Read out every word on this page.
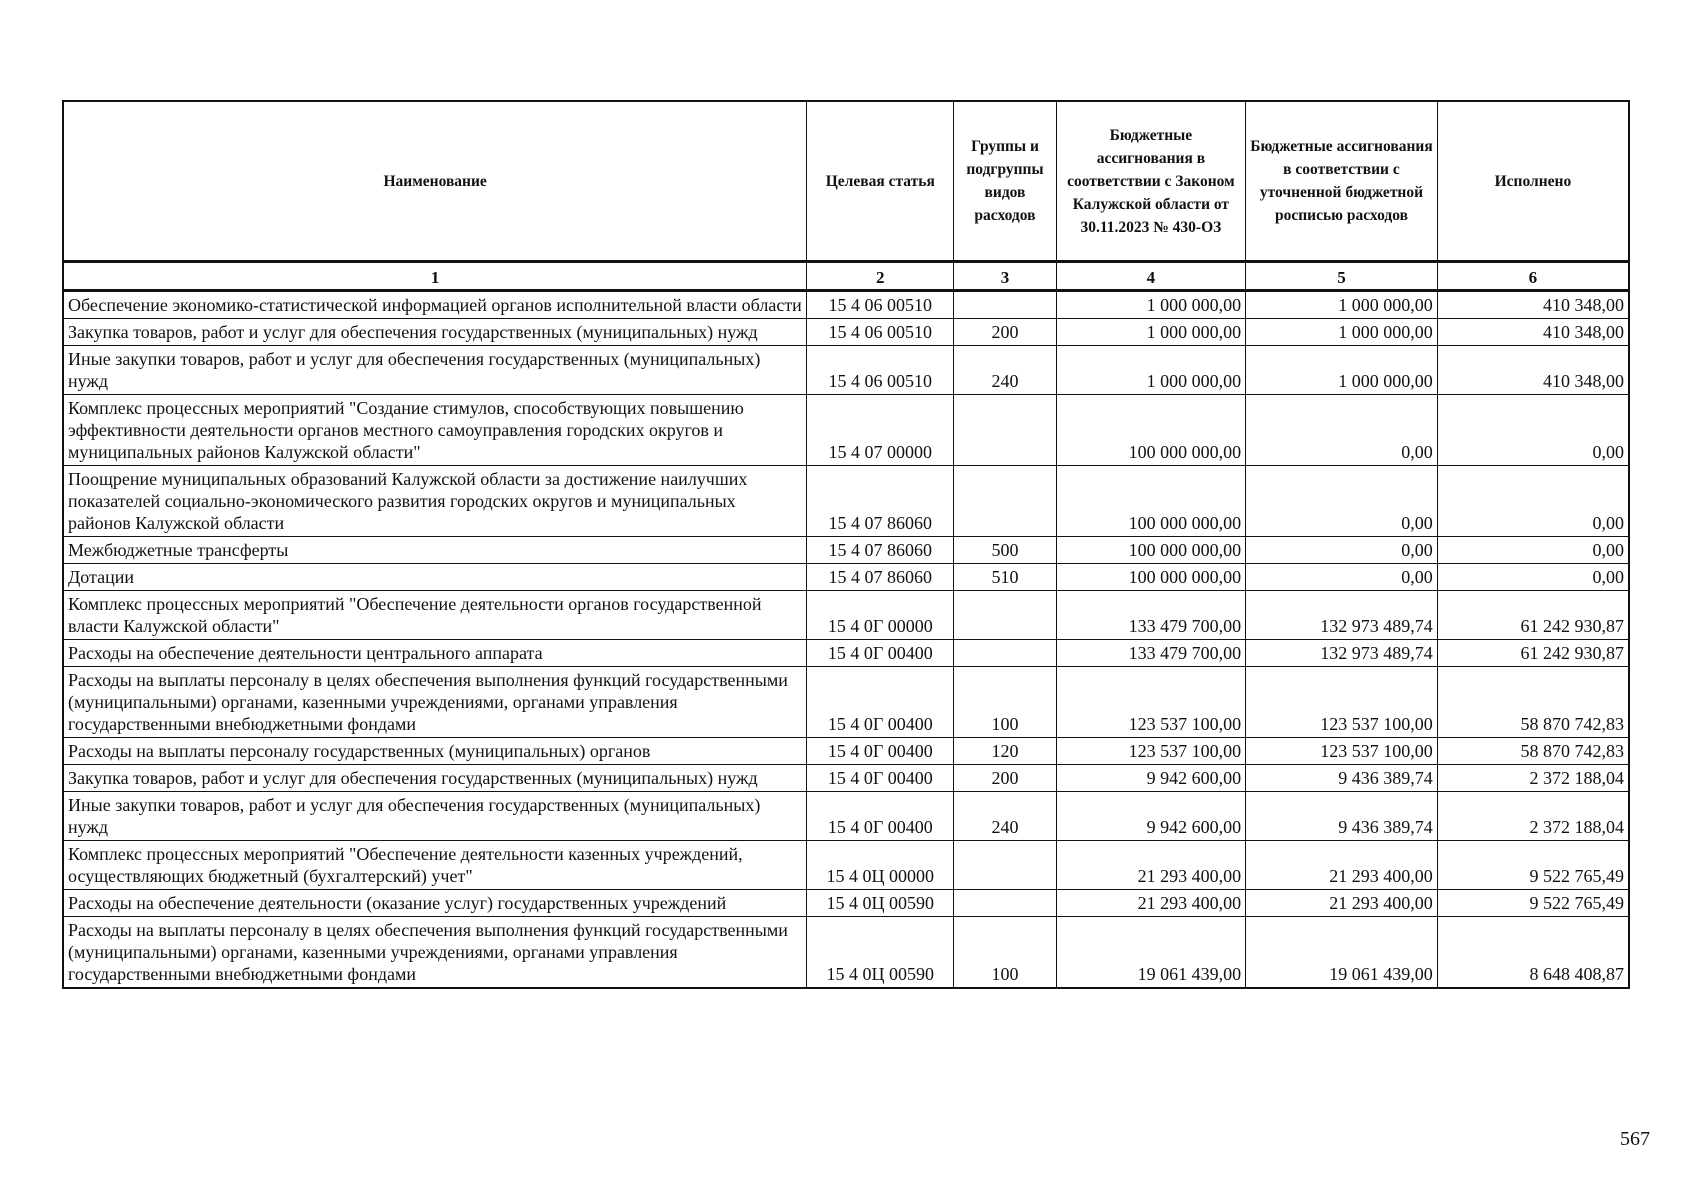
Наименование	Целевая статья	Группы и подгруппы видов расходов	Бюджетные ассигнования в соответствии с Законом Калужской области от 30.11.2023 № 430-ОЗ	Бюджетные ассигнования в соответствии с уточненной бюджетной росписью расходов	Исполнено
1	2	3	4	5	6
Обеспечение экономико-статистической информацией органов исполнительной власти области	15 4 06 00510		1 000 000,00	1 000 000,00	410 348,00
Закупка товаров, работ и услуг для обеспечения государственных (муниципальных) нужд	15 4 06 00510	200	1 000 000,00	1 000 000,00	410 348,00
Иные закупки товаров, работ и услуг для обеспечения государственных (муниципальных) нужд	15 4 06 00510	240	1 000 000,00	1 000 000,00	410 348,00
Комплекс процессных мероприятий "Создание стимулов, способствующих повышению эффективности деятельности органов местного самоуправления городских округов и муниципальных районов Калужской области"	15 4 07 00000		100 000 000,00	0,00	0,00
Поощрение муниципальных образований Калужской области за достижение наилучших показателей социально-экономического развития городских округов и муниципальных районов Калужской области	15 4 07 86060		100 000 000,00	0,00	0,00
Межбюджетные трансферты	15 4 07 86060	500	100 000 000,00	0,00	0,00
Дотации	15 4 07 86060	510	100 000 000,00	0,00	0,00
Комплекс процессных мероприятий "Обеспечение деятельности органов государственной власти Калужской области"	15 4 0Г 00000		133 479 700,00	132 973 489,74	61 242 930,87
Расходы на обеспечение деятельности центрального аппарата	15 4 0Г 00400		133 479 700,00	132 973 489,74	61 242 930,87
Расходы на выплаты персоналу в целях обеспечения выполнения функций государственными (муниципальными) органами, казенными учреждениями, органами управления государственными внебюджетными фондами	15 4 0Г 00400	100	123 537 100,00	123 537 100,00	58 870 742,83
Расходы на выплаты персоналу государственных (муниципальных) органов	15 4 0Г 00400	120	123 537 100,00	123 537 100,00	58 870 742,83
Закупка товаров, работ и услуг для обеспечения государственных (муниципальных) нужд	15 4 0Г 00400	200	9 942 600,00	9 436 389,74	2 372 188,04
Иные закупки товаров, работ и услуг для обеспечения государственных (муниципальных) нужд	15 4 0Г 00400	240	9 942 600,00	9 436 389,74	2 372 188,04
Комплекс процессных мероприятий "Обеспечение деятельности казенных учреждений, осуществляющих бюджетный (бухгалтерский) учет"	15 4 0Ц 00000		21 293 400,00	21 293 400,00	9 522 765,49
Расходы на обеспечение деятельности (оказание услуг) государственных учреждений	15 4 0Ц 00590		21 293 400,00	21 293 400,00	9 522 765,49
Расходы на выплаты персоналу в целях обеспечения выполнения функций государственными (муниципальными) органами, казенными учреждениями, органами управления государственными внебюджетными фондами	15 4 0Ц 00590	100	19 061 439,00	19 061 439,00	8 648 408,87
567
